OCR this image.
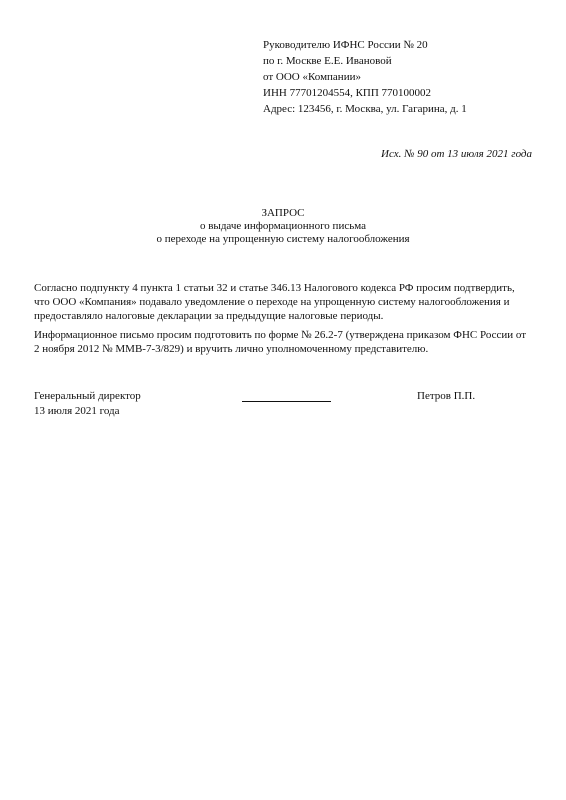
Руководителю ИФНС России № 20
по г. Москве Е.Е. Ивановой
от ООО «Компании»
ИНН 77701204554, КПП 770100002
Адрес: 123456, г. Москва, ул. Гагарина, д. 1
Исх. № 90 от 13 июля 2021 года
ЗАПРОС
о выдаче информационного письма
о переходе на упрощенную систему налогообложения
Согласно подпункту 4 пункта 1 статьи 32 и статье 346.13 Налогового кодекса РФ просим подтвердить, что ООО «Компания» подавало уведомление о переходе на упрощенную систему налогообложения и предоставляло налоговые декларации за предыдущие налоговые периоды.
Информационное письмо просим подготовить по форме № 26.2-7 (утверждена приказом ФНС России от 2 ноября 2012 № ММВ-7-3/829) и вручить лично уполномоченному представителю.
Генеральный директор	Петров П.П.
13 июля 2021 года
